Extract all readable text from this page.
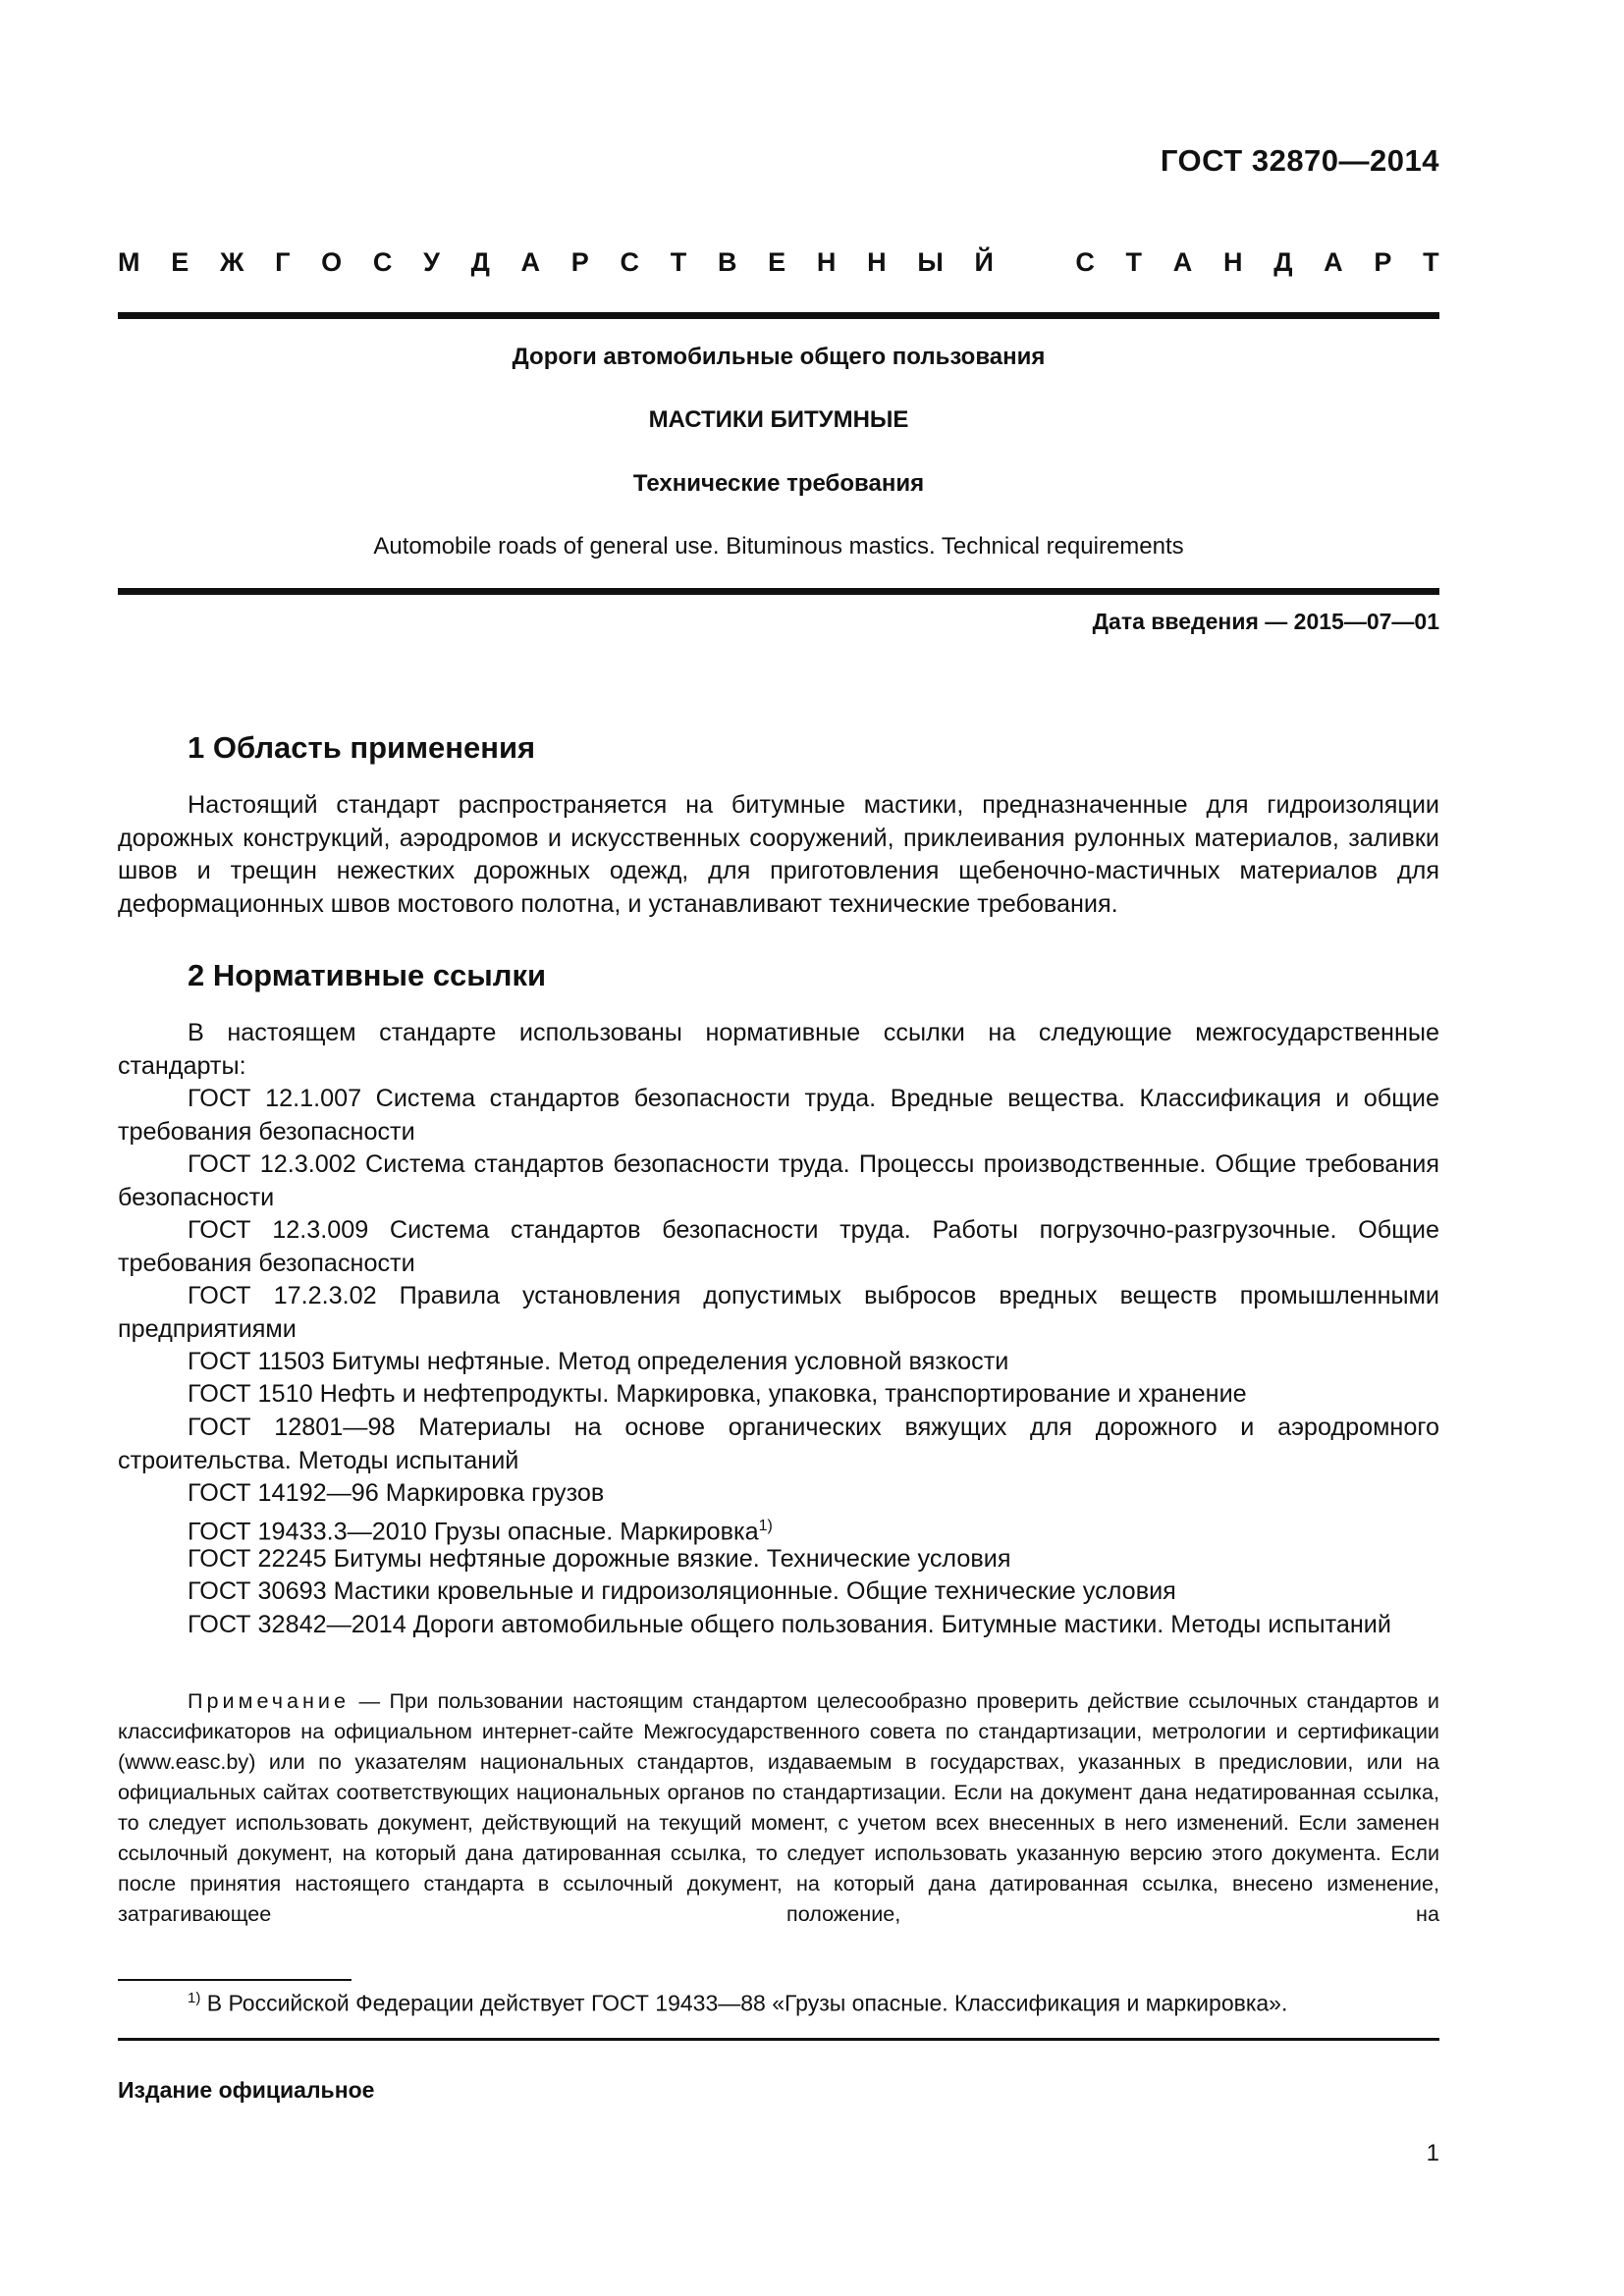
ГОСТ 32870—2014
М Е Ж Г О С У Д А Р С Т В Е Н Н Ы Й	С Т А Н Д А Р Т
Дороги автомобильные общего пользования
МАСТИКИ БИТУМНЫЕ
Технические требования
Automobile roads of general use. Bituminous mastics. Technical requirements
Дата введения — 2015—07—01
1 Область применения
Настоящий стандарт распространяется на битумные мастики, предназначенные для гидроизоляции дорожных конструкций, аэродромов и искусственных сооружений, приклеивания рулонных материалов, заливки швов и трещин нежестких дорожных одежд, для приготовления щебеночно-мастичных материалов для деформационных швов мостового полотна, и устанавливают технические требования.
2 Нормативные ссылки
В настоящем стандарте использованы нормативные ссылки на следующие межгосударственные стандарты:
ГОСТ 12.1.007 Система стандартов безопасности труда. Вредные вещества. Классификация и общие требования безопасности
ГОСТ 12.3.002 Система стандартов безопасности труда. Процессы производственные. Общие требования безопасности
ГОСТ 12.3.009 Система стандартов безопасности труда. Работы погрузочно-разгрузочные. Общие требования безопасности
ГОСТ 17.2.3.02 Правила установления допустимых выбросов вредных веществ промышленными предприятиями
ГОСТ 11503 Битумы нефтяные. Метод определения условной вязкости
ГОСТ 1510 Нефть и нефтепродукты. Маркировка, упаковка, транспортирование и хранение
ГОСТ 12801—98 Материалы на основе органических вяжущих для дорожного и аэродромного строительства. Методы испытаний
ГОСТ 14192—96 Маркировка грузов
ГОСТ 19433.3—2010 Грузы опасные. Маркировка$^{1)}$
ГОСТ 22245 Битумы нефтяные дорожные вязкие. Технические условия
ГОСТ 30693 Мастики кровельные и гидроизоляционные. Общие технические условия
ГОСТ 32842—2014 Дороги автомобильные общего пользования. Битумные мастики. Методы испытаний
Примечание — При пользовании настоящим стандартом целесообразно проверить действие ссылочных стандартов и классификаторов на официальном интернет-сайте Межгосударственного совета по стандартизации, метрологии и сертификации (www.easc.by) или по указателям национальных стандартов, издаваемым в государствах, указанных в предисловии, или на официальных сайтах соответствующих национальных органов по стандартизации. Если на документ дана недатированная ссылка, то следует использовать документ, действующий на текущий момент, с учетом всех внесенных в него изменений. Если заменен ссылочный документ, на который дана датированная ссылка, то следует использовать указанную версию этого документа. Если после принятия настоящего стандарта в ссылочный документ, на который дана датированная ссылка, внесено изменение, затрагивающее положение, на
$^{1)}$ В Российской Федерации действует ГОСТ 19433—88 «Грузы опасные. Классификация и маркировка».
Издание официальное
1
